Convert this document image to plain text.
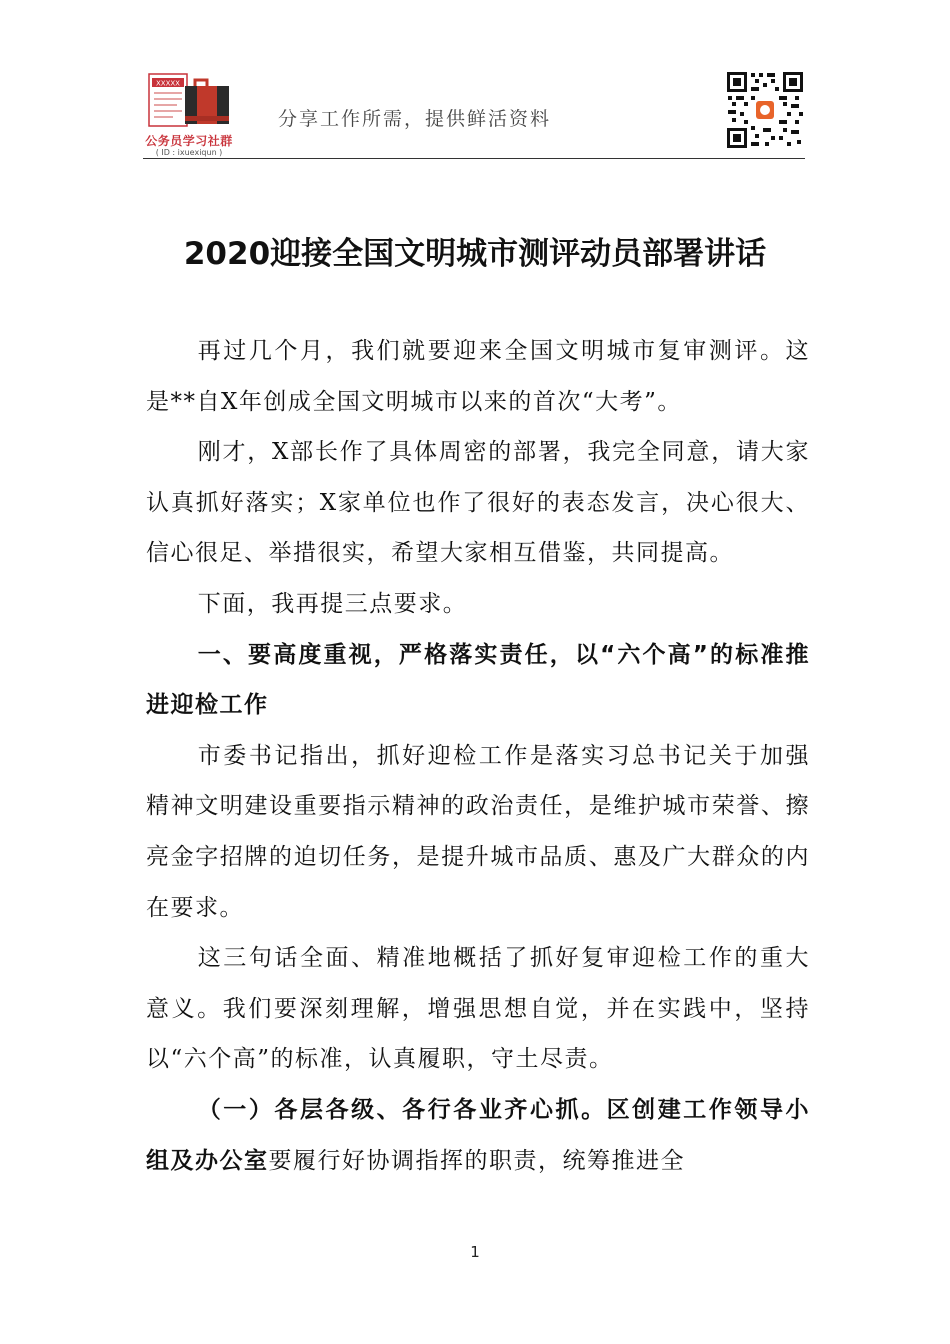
XXXXX
公务员学习社群
( ID : ixuexiqun )
分享工作所需，提供鲜活资料
2020迎接全国文明城市测评动员部署讲话

再过几个月，我们就要迎来全国文明城市复审测评。这是**自X年创成全国文明城市以来的首次“大考”。

刚才，X部长作了具体周密的部署，我完全同意，请大家认真抓好落实；X家单位也作了很好的表态发言，决心很大、信心很足、举措很实，希望大家相互借鉴，共同提高。

下面，我再提三点要求。

一、要高度重视，严格落实责任，以“六个高”的标准推进迎检工作

市委书记指出，抓好迎检工作是落实习总书记关于加强精神文明建设重要指示精神的政治责任，是维护城市荣誉、擦亮金字招牌的迫切任务，是提升城市品质、惠及广大群众的内在要求。

这三句话全面、精准地概括了抓好复审迎检工作的重大意义。我们要深刻理解，增强思想自觉，并在实践中，坚持以“六个高”的标准，认真履职，守土尽责。

（一）各层各级、各行各业齐心抓。区创建工作领导小组及办公室要履行好协调指挥的职责，统筹推进全

1
